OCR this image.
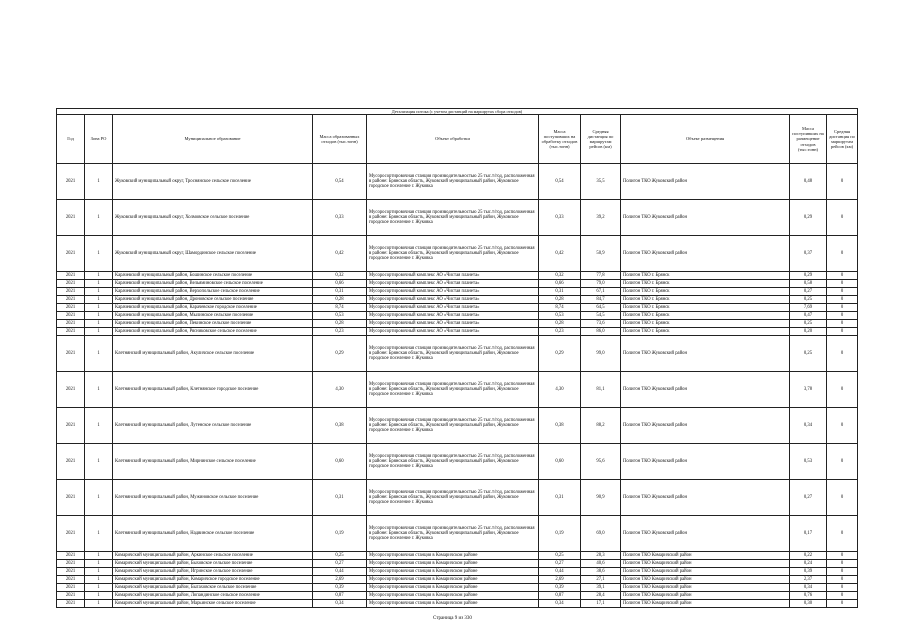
Детализация потока (с учетом дистанций на маршрутах сбора отходов)									
Год	Зона РО	Муниципальное образование	Масса образованных отходов (тыс.тонн)	Объект обработки	Масса поступивших на обработку отходов (тыс.тонн)	Средняя дистанция по маршрутам рейсов (км)	Объект размещения	Масса поступивших на размещение отходов (тыс.тонн)	Средняя дистанция по маршрутам рейсов (км)
2021	1	Жуковский муниципальный округ, Троснянское сельское поселение	0,54	Мусоросортировочная станция производительностью 25 тыс.т/год, расположенная в районе: Брянская область, Жуковский муниципальный район, Жуковское городское поселение г. Жуковка	0,54	35,5	Полигон ТКО Жуковский район	0,48	0
2021	1	Жуковский муниципальный округ, Холмовское сельское поселение	0,33	Мусоросортировочная станция производительностью 25 тыс.т/год, расположенная в районе: Брянская область, Жуковский муниципальный район, Жуковское городское поселение г. Жуковка	0,33	39,2	Полигон ТКО Жуковский район	0,29	0
2021	1	Жуковский муниципальный округ, Шамординское сельское поселение	0,42	Мусоросортировочная станция производительностью 25 тыс.т/год, расположенная в районе: Брянская область, Жуковский муниципальный район, Жуковское городское поселение г. Жуковка	0,42	50,9	Полигон ТКО Жуковский район	0,37	0
2021	1	Карачевский муниципальный район, Бошинское сельское поселение	0,32	Мусоросортировочный комплекс АО «Чистая планета»	0,32	77,8	Полигон ТКО г. Брянск	0,29	0
2021	1	Карачевский муниципальный район, Вельяминовское сельское поселение	0,66	Мусоросортировочный комплекс АО «Чистая планета»	0,66	79,0	Полигон ТКО г. Брянск	0,58	0
2021	1	Карачевский муниципальный район, Верхопольское сельское поселение	0,31	Мусоросортировочный комплекс АО «Чистая планета»	0,31	67,1	Полигон ТКО г. Брянск	0,27	0
2021	1	Карачевский муниципальный район, Дроновское сельское поселение	0,28	Мусоросортировочный комплекс АО «Чистая планета»	0,28	84,7	Полигон ТКО г. Брянск	0,25	0
2021	1	Карачевский муниципальный район, Карачевское городское поселение	8,74	Мусоросортировочный комплекс АО «Чистая планета»	8,74	64,5	Полигон ТКО г. Брянск	7,69	0
2021	1	Карачевский муниципальный район, Мылинское сельское поселение	0,53	Мусоросортировочный комплекс АО «Чистая планета»	0,53	54,5	Полигон ТКО г. Брянск	0,47	0
2021	1	Карачевский муниципальный район, Пекинское сельское поселение	0,28	Мусоросортировочный комплекс АО «Чистая планета»	0,28	73,6	Полигон ТКО г. Брянск	0,25	0
2021	1	Карачевский муниципальный район, Рясниковское сельское поселение	0,23	Мусоросортировочный комплекс АО «Чистая планета»	0,23	86,0	Полигон ТКО г. Брянск	0,20	0
2021	1	Клетнянский муниципальный район, Акуличское сельское поселение	0,29	Мусоросортировочная станция производительностью 25 тыс.т/год, расположенная в районе: Брянская область, Жуковский муниципальный район, Жуковское городское поселение г. Жуковка	0,29	99,0	Полигон ТКО Жуковский район	0,25	0
2021	1	Клетнянский муниципальный район, Клетнянское городское поселение	4,30	Мусоросортировочная станция производительностью 25 тыс.т/год, расположенная в районе: Брянская область, Жуковский муниципальный район, Жуковское городское поселение г. Жуковка	4,30	81,1	Полигон ТКО Жуковский район	3,78	0
2021	1	Клетнянский муниципальный район, Лутенское сельское поселение	0,38	Мусоросортировочная станция производительностью 25 тыс.т/год, расположенная в районе: Брянская область, Жуковский муниципальный район, Жуковское городское поселение г. Жуковка	0,38	88,2	Полигон ТКО Жуковский район	0,34	0
2021	1	Клетнянский муниципальный район, Мирнинское сельское поселение	0,60	Мусоросортировочная станция производительностью 25 тыс.т/год, расположенная в районе: Брянская область, Жуковский муниципальный район, Жуковское городское поселение г. Жуковка	0,60	95,6	Полигон ТКО Жуковский район	0,53	0
2021	1	Клетнянский муниципальный район, Мужиновское сельское поселение	0,31	Мусоросортировочная станция производительностью 25 тыс.т/год, расположенная в районе: Брянская область, Жуковский муниципальный район, Жуковское городское поселение г. Жуковка	0,31	90,9	Полигон ТКО Жуковский район	0,27	0
2021	1	Клетнянский муниципальный район, Надвинское сельское поселение	0,19	Мусоросортировочная станция производительностью 25 тыс.т/год, расположенная в районе: Брянская область, Жуковский муниципальный район, Жуковское городское поселение г. Жуковка	0,19	69,0	Полигон ТКО Жуковский район	0,17	0
2021	1	Комаричский муниципальный район, Аркинское сельское поселение	0,25	Мусоросортировочная станция в Комаричском районе	0,25	28,3	Полигон ТКО Комаричский район	0,22	0
2021	1	Комаричский муниципальный район, Быховское сельское поселение	0,27	Мусоросортировочная станция в Комаричском районе	0,27	40,6	Полигон ТКО Комаричский район	0,24	0
2021	1	Комаричский муниципальный район, Игринское сельское поселение	0,44	Мусоросортировочная станция в Комаричском районе	0,44	38,6	Полигон ТКО Комаричский район	0,39	0
2021	1	Комаричский муниципальный район, Комаричское городское поселение	2,69	Мусоросортировочная станция в Комаричском районе	2,69	27,1	Полигон ТКО Комаричский район	2,37	0
2021	1	Комаричский муниципальный район, Быгаховское сельское поселение	0,39	Мусоросортировочная станция в Комаричском районе	0,39	39,1	Полигон ТКО Комаричский район	0,34	0
2021	1	Комаричский муниципальный район, Лопандинское сельское поселение	0,87	Мусоросортировочная станция в Комаричском районе	0,87	28,4	Полигон ТКО Комаричский район	0,76	0
2021	1	Комаричский муниципальный район, Марьинское сельское поселение	0,34	Мусоросортировочная станция в Комаричском районе	0,34	17,1	Полигон ТКО Комаричский район	0,30	0
Страница 9 из 330
